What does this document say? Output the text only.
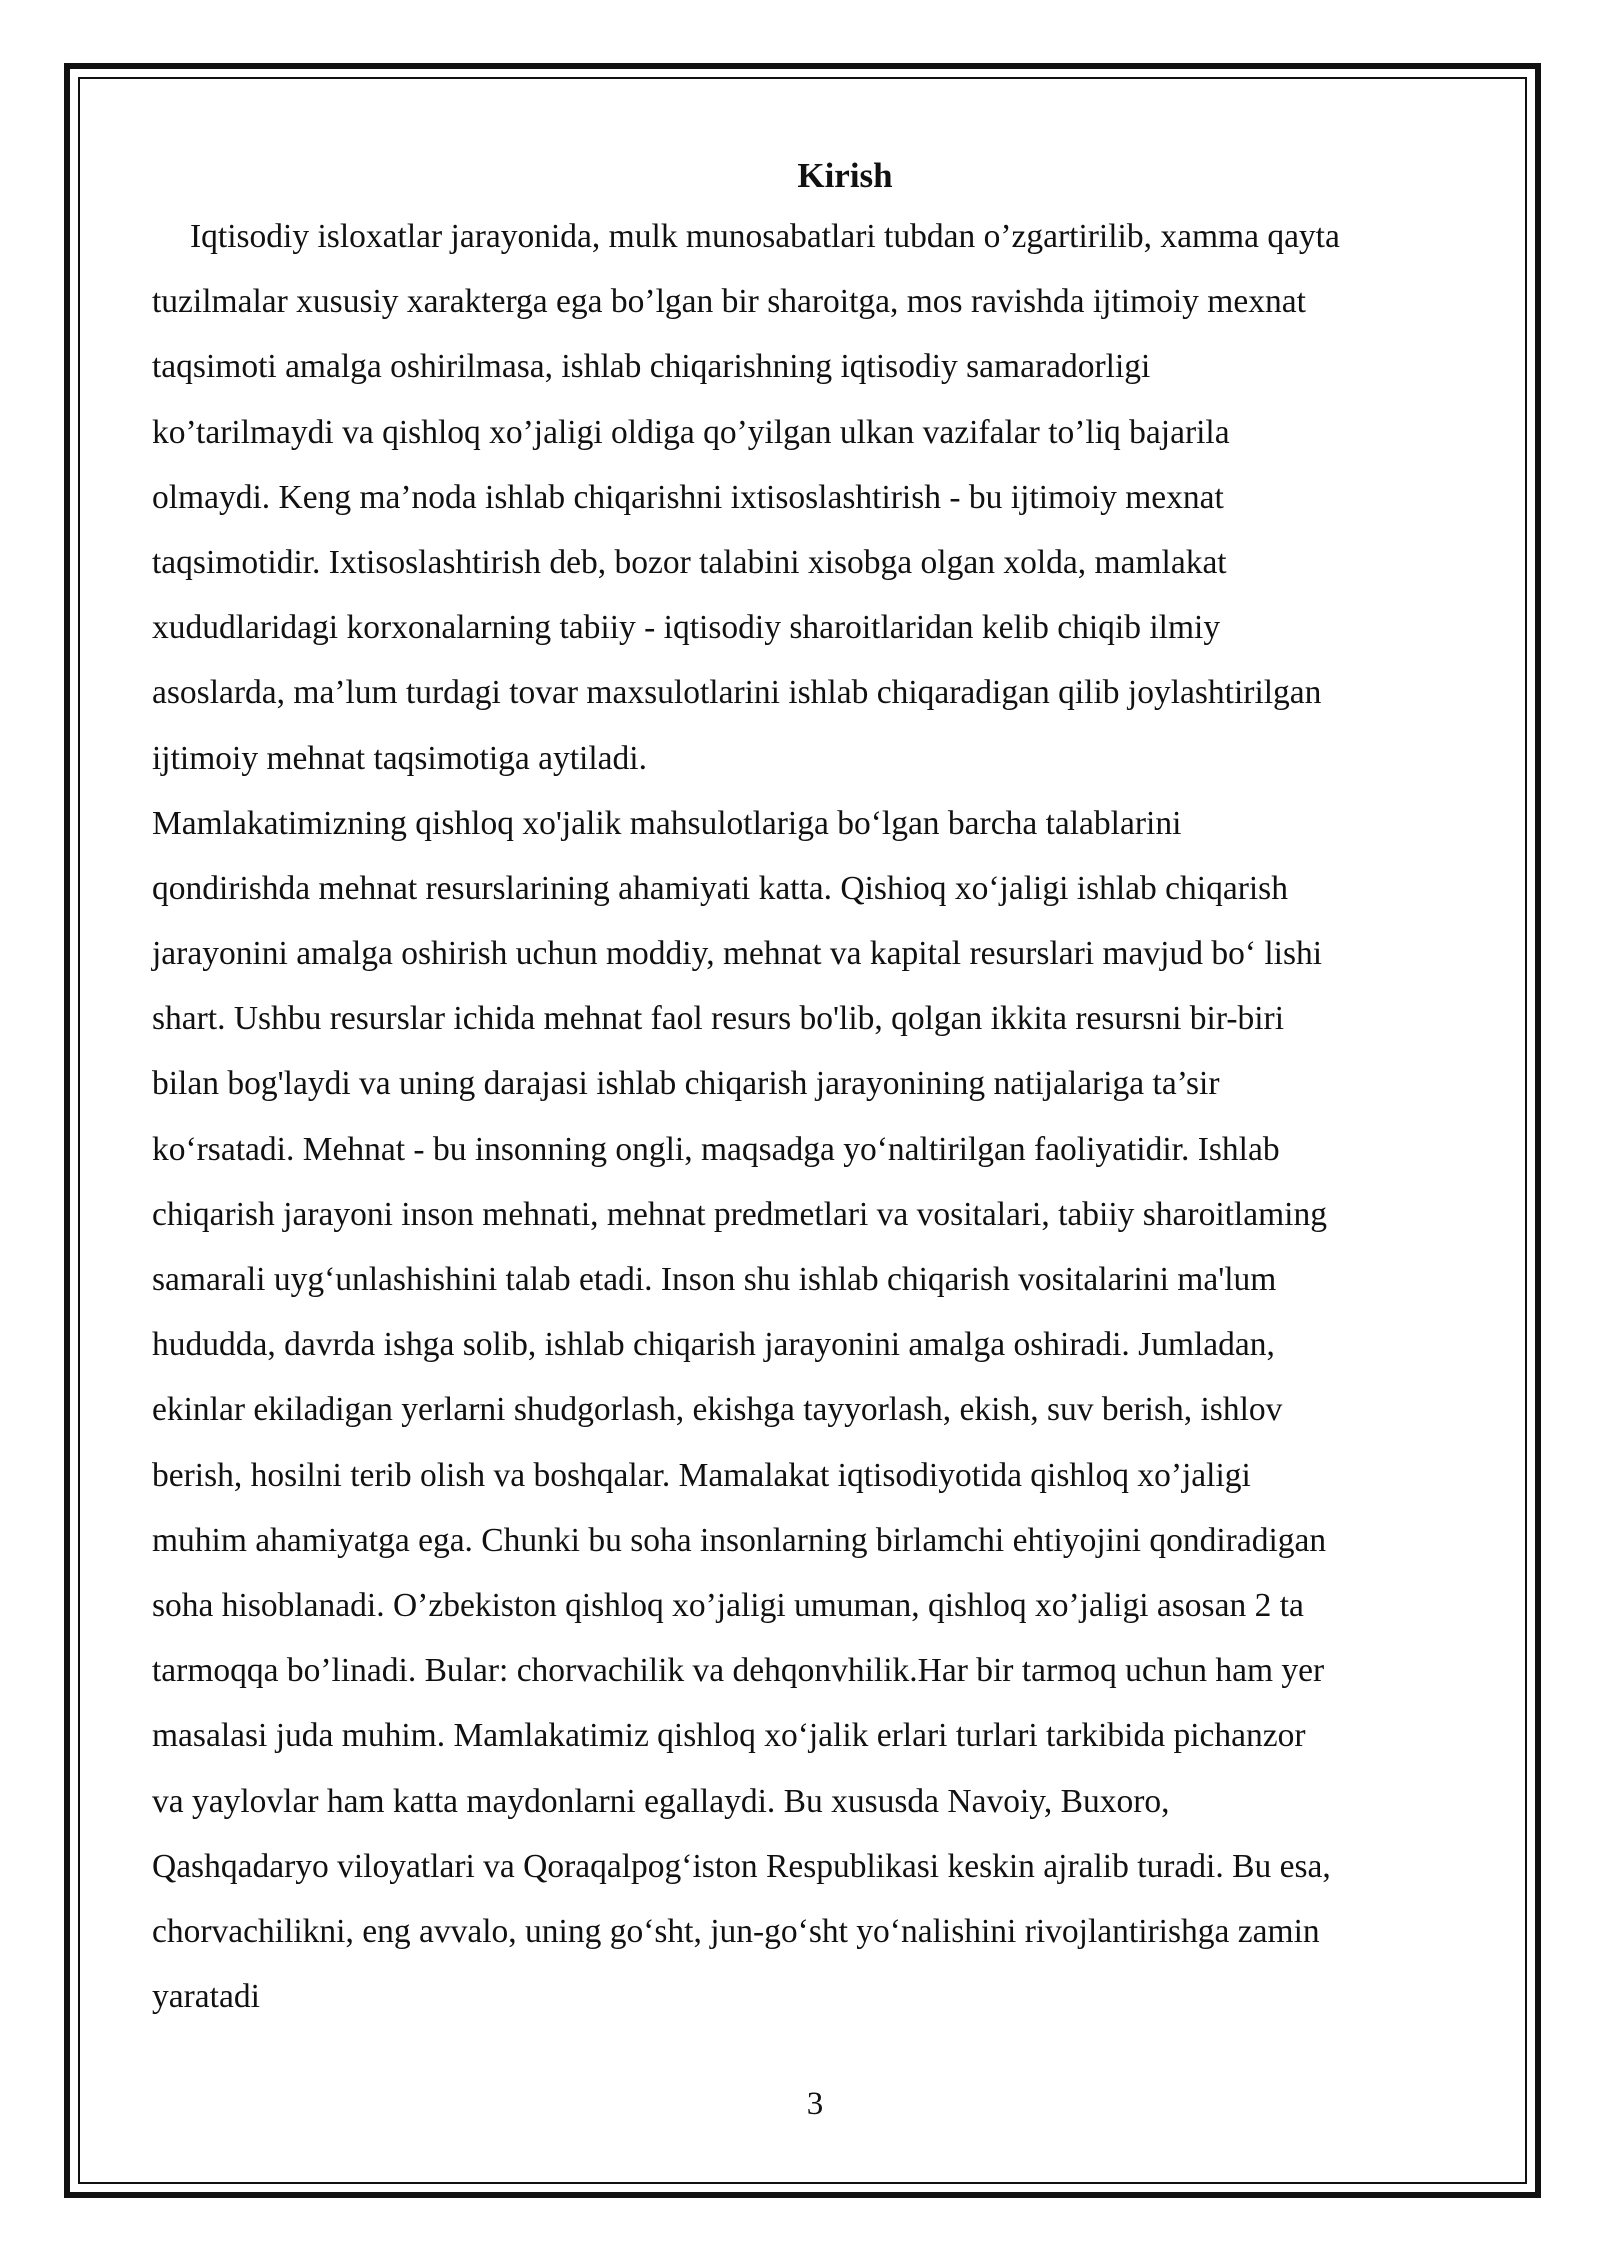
Kirish
Iqtisodiy isloxatlar jarayonida, mulk munosabatlari tubdan o’zgartirilib, xamma qayta
tuzilmalar xususiy xarakterga ega bo’lgan bir sharoitga, mos ravishda ijtimoiy mexnat
taqsimoti amalga oshirilmasa, ishlab chiqarishning iqtisodiy samaradorligi
ko’tarilmaydi va qishloq xo’jaligi oldiga qo’yilgan ulkan vazifalar to’liq bajarila
olmaydi. Keng ma’noda ishlab chiqarishni ixtisoslashtirish - bu ijtimoiy mexnat
taqsimotidir. Ixtisoslashtirish deb, bozor talabini xisobga olgan xolda, mamlakat
xududlaridagi korxonalarning tabiiy - iqtisodiy sharoitlaridan kelib chiqib ilmiy
asoslarda, ma’lum turdagi tovar maxsulotlarini ishlab chiqaradigan qilib joylashtirilgan
ijtimoiy mehnat taqsimotiga aytiladi.
Mamlakatimizning qishloq xo'jalik mahsulotlariga bo‘lgan barcha talablarini
qondirishda mehnat resurslarining ahamiyati katta. Qishioq xo‘jaligi ishlab chiqarish
jarayonini amalga oshirish uchun moddiy, mehnat va kapital resurslari mavjud bo‘ lishi
shart. Ushbu resurslar ichida mehnat faol resurs bo'lib, qolgan ikkita resursni bir-biri
bilan bog'laydi va uning darajasi ishlab chiqarish jarayonining natijalariga ta’sir
ko‘rsatadi. Mehnat - bu insonning ongli, maqsadga yo‘naltirilgan faoliyatidir. Ishlab
chiqarish jarayoni inson mehnati, mehnat predmetlari va vositalari, tabiiy sharoitlaming
samarali uyg‘unlashishini talab etadi. Inson shu ishlab chiqarish vositalarini ma'lum
hududda, davrda ishga solib, ishlab chiqarish jarayonini amalga oshiradi. Jumladan,
ekinlar ekiladigan yerlarni shudgorlash, ekishga tayyorlash, ekish, suv berish, ishlov
berish, hosilni terib olish va boshqalar. Mamalakat iqtisodiyotida qishloq xo’jaligi
muhim ahamiyatga ega. Chunki bu soha insonlarning birlamchi ehtiyojini qondiradigan
soha hisoblanadi. O’zbekiston qishloq xo’jaligi umuman, qishloq xo’jaligi asosan 2 ta
tarmoqqa bo’linadi. Bular: chorvachilik va dehqonvhilik.Har bir tarmoq uchun ham yer
masalasi juda muhim. Mamlakatimiz qishloq xo‘jalik erlari turlari tarkibida pichanzor
va yaylovlar ham katta maydonlarni egallaydi. Bu xususda Navoiy, Buxoro,
Qashqadaryo viloyatlari va Qoraqalpog‘iston Respublikasi keskin ajralib turadi. Bu esa,
chorvachilikni, eng avvalo, uning go‘sht, jun-go‘sht yo‘nalishini rivojlantirishga zamin
yaratadi
3
